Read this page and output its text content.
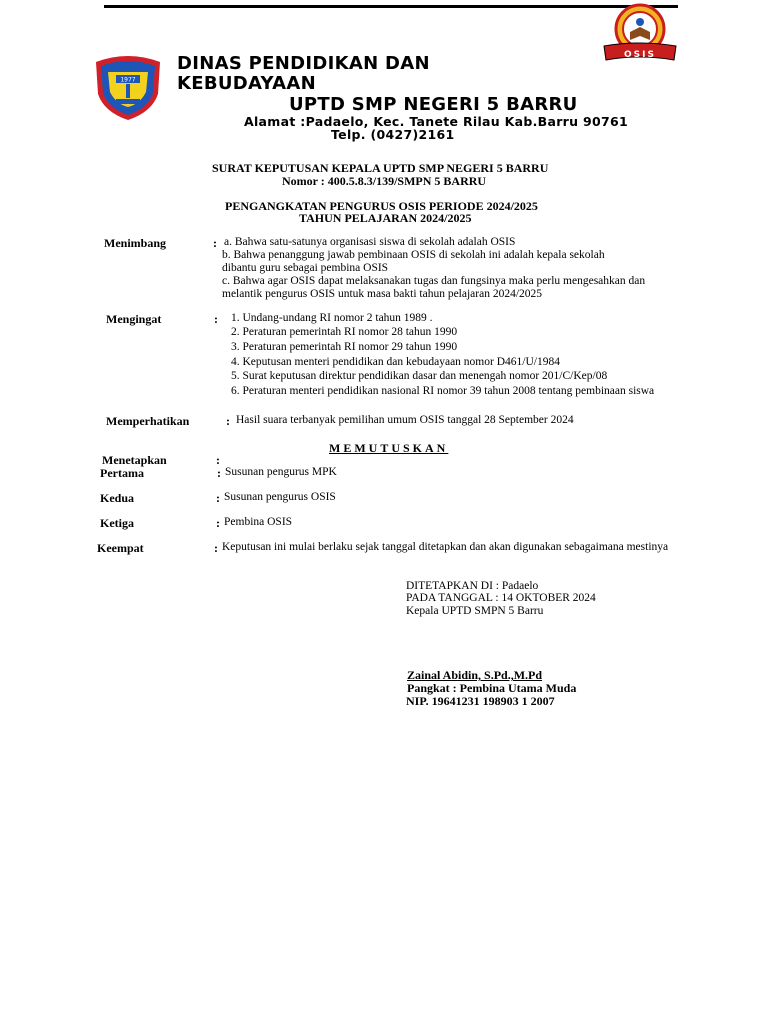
1977
OSIS
DINAS PENDIDIKAN DAN
KEBUDAYAAN
UPTD SMP NEGERI 5 BARRU
Alamat :Padaelo, Kec. Tanete Rilau Kab.Barru 90761
Telp. (0427)2161
SURAT KEPUTUSAN KEPALA UPTD SMP NEGERI 5 BARRU
Nomor : 400.5.8.3/139/SMPN 5 BARRU
PENGANGKATAN PENGURUS OSIS PERIODE 2024/2025
TAHUN PELAJARAN 2024/2025
Menimbang	: a. Bahwa satu-satunya organisasi siswa di sekolah adalah OSIS
b. Bahwa penanggung jawab pembinaan OSIS di sekolah ini adalah kepala sekolah
dibantu guru sebagai pembina OSIS
c. Bahwa agar OSIS dapat melaksanakan tugas dan fungsinya maka perlu mengesahkan dan
melantik pengurus OSIS untuk masa bakti tahun pelajaran 2024/2025
Mengingat	: 1. Undang-undang RI nomor 2 tahun 1989 .
2. Peraturan pemerintah RI nomor 28 tahun 1990
3. Peraturan pemerintah RI nomor 29 tahun 1990
4. Keputusan menteri pendidikan dan kebudayaan nomor D461/U/1984
5. Surat keputusan direktur pendidikan dasar dan menengah nomor 201/C/Kep/08
6. Peraturan menteri pendidikan nasional RI nomor 39 tahun 2008 tentang pembinaan siswa
Memperhatikan	: Hasil suara terbanyak pemilihan umum OSIS tanggal 28 September 2024
MEMUTUSKAN
Menetapkan	:
Pertama	: Susunan pengurus MPK
Kedua	: Susunan pengurus OSIS
Ketiga	: Pembina OSIS
Keempat	: Keputusan ini mulai berlaku sejak tanggal ditetapkan dan akan digunakan sebagaimana mestinya
DITETAPKAN DI : Padaelo
PADA TANGGAL : 14 OKTOBER 2024
Kepala UPTD SMPN 5 Barru
Zainal Abidin, S.Pd.,M.Pd
Pangkat : Pembina Utama Muda
NIP. 19641231 198903 1 2007
